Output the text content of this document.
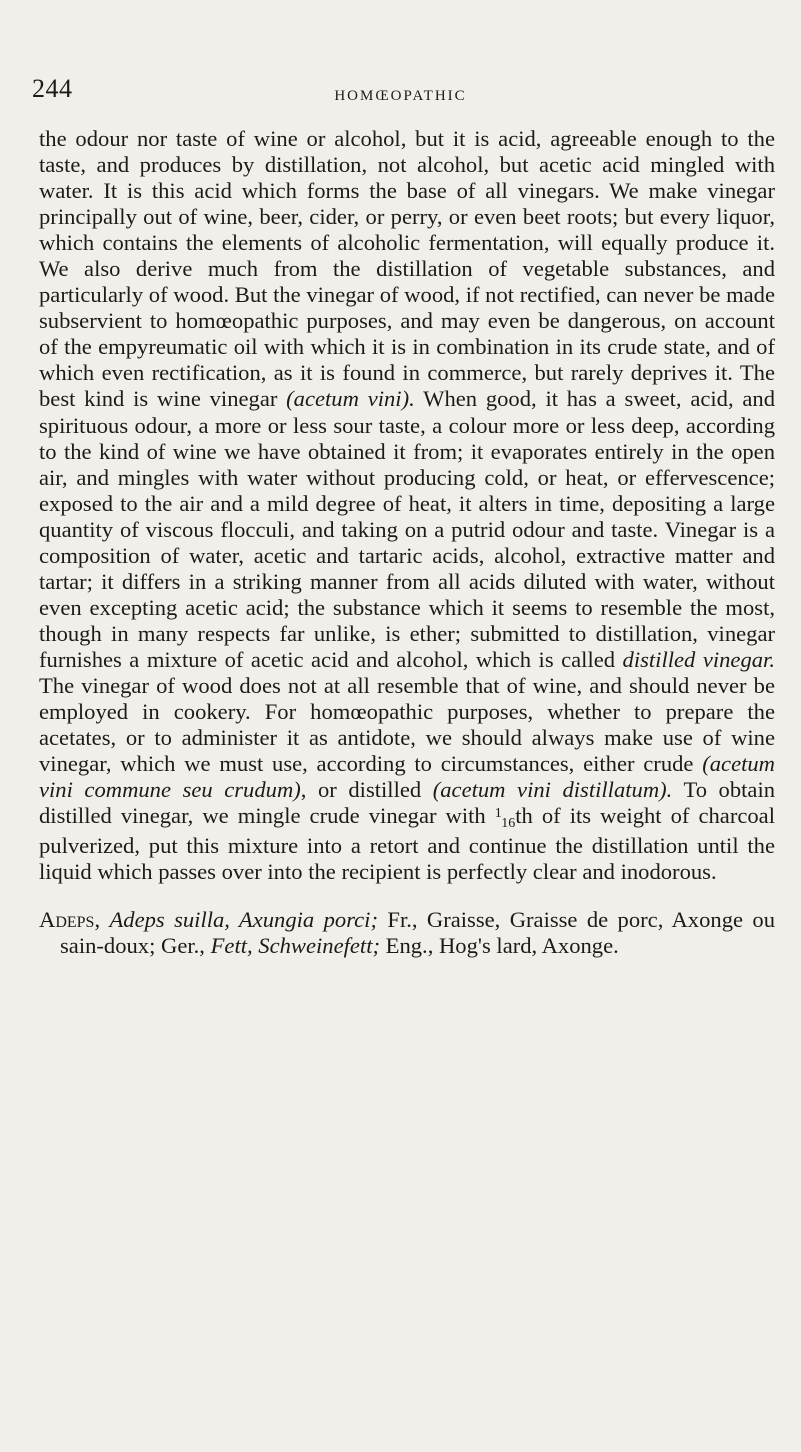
244	HOMŒOPATHIC

the odour nor taste of wine or alcohol, but it is acid, agreeable enough to the taste, and produces by distillation, not alcohol, but acetic acid mingled with water. It is this acid which forms the base of all vinegars. We make vinegar principally out of wine, beer, cider, or perry, or even beet roots; but every liquor, which contains the elements of alcoholic fermentation, will equally produce it. We also derive much from the distillation of vegetable substances, and particularly of wood. But the vinegar of wood, if not rectified, can never be made subservient to homœopathic purposes, and may even be dangerous, on account of the empyreumatic oil with which it is in combination in its crude state, and of which even rectification, as it is found in commerce, but rarely deprives it. The best kind is wine vinegar (acetum vini). When good, it has a sweet, acid, and spirituous odour, a more or less sour taste, a colour more or less deep, according to the kind of wine we have obtained it from; it evaporates entirely in the open air, and mingles with water without producing cold, or heat, or effervescence; exposed to the air and a mild degree of heat, it alters in time, depositing a large quantity of viscous flocculi, and taking on a putrid odour and taste. Vinegar is a composition of water, acetic and tartaric acids, alcohol, extractive matter and tartar; it differs in a striking manner from all acids diluted with water, without even excepting acetic acid; the substance which it seems to resemble the most, though in many respects far unlike, is ether; submitted to distillation, vinegar furnishes a mixture of acetic acid and alcohol, which is called distilled vinegar. The vinegar of wood does not at all resemble that of wine, and should never be employed in cookery. For homœopathic purposes, whether to prepare the acetates, or to administer it as antidote, we should always make use of wine vinegar, which we must use, according to circumstances, either crude (acetum vini commune seu crudum), or distilled (acetum vini distillatum). To obtain distilled vinegar, we mingle crude vinegar with $^1$16th of its weight of charcoal pulverized, put this mixture into a retort and continue the distillation until the liquid which passes over into the recipient is perfectly clear and inodorous.

Adeps, Adeps suilla, Axungia porci; Fr., Graisse, Graisse de porc, Axonge ou sain-doux; Ger., Fett, Schweinefett; Eng., Hog's lard, Axonge.
